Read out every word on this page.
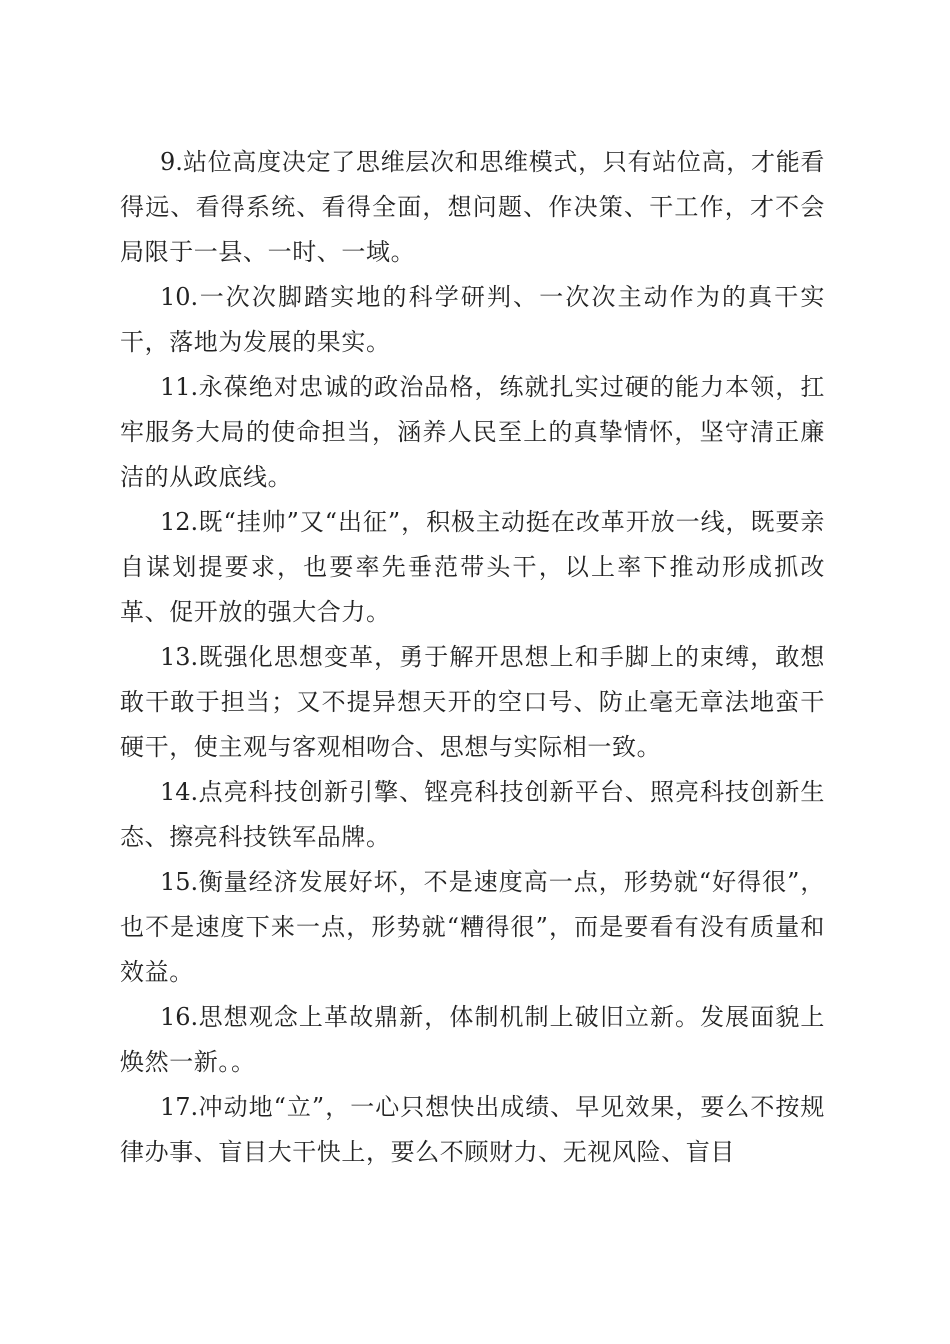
9.站位高度决定了思维层次和思维模式，只有站位高，才能看得远、看得系统、看得全面，想问题、作决策、干工作，才不会局限于一县、一时、一域。

10.一次次脚踏实地的科学研判、一次次主动作为的真干实干，落地为发展的果实。

11.永葆绝对忠诚的政治品格，练就扎实过硬的能力本领，扛牢服务大局的使命担当，涵养人民至上的真挚情怀，坚守清正廉洁的从政底线。

12.既“挂帅”又“出征”，积极主动挺在改革开放一线，既要亲自谋划提要求，也要率先垂范带头干，以上率下推动形成抓改革、促开放的强大合力。

13.既强化思想变革，勇于解开思想上和手脚上的束缚，敢想敢干敢于担当；又不提异想天开的空口号、防止毫无章法地蛮干硬干，使主观与客观相吻合、思想与实际相一致。

14.点亮科技创新引擎、铿亮科技创新平台、照亮科技创新生态、擦亮科技铁军品牌。

15.衡量经济发展好坏，不是速度高一点，形势就“好得很”，也不是速度下来一点，形势就“糟得很”，而是要看有没有质量和效益。

16.思想观念上革故鼎新，体制机制上破旧立新。发展面貌上焕然一新。。

17.冲动地“立”，一心只想快出成绩、早见效果，要么不按规律办事、盲目大干快上，要么不顾财力、无视风险、盲目
